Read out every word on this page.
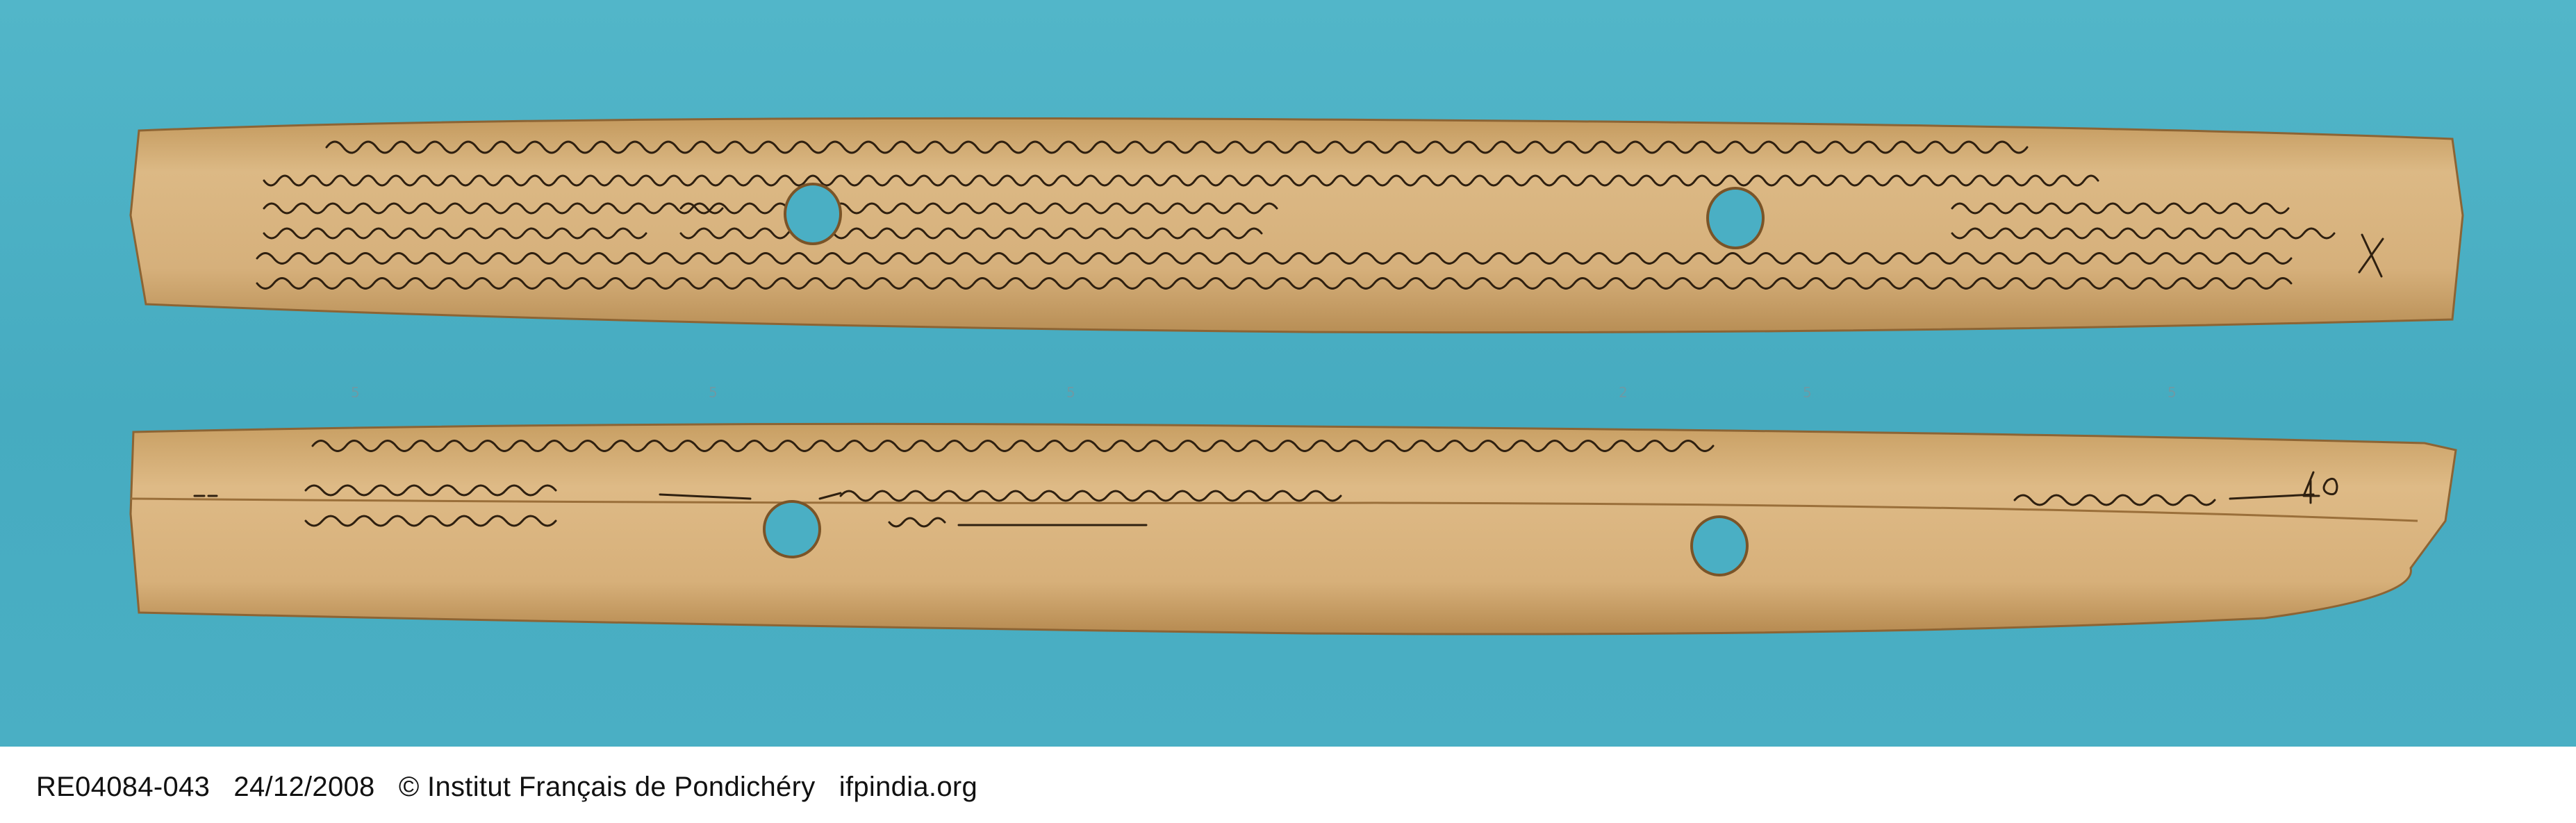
5	5	5	2	5	5
RE04084-043 24/12/2008 © Institut Français de Pondichéry ifpindia.org
